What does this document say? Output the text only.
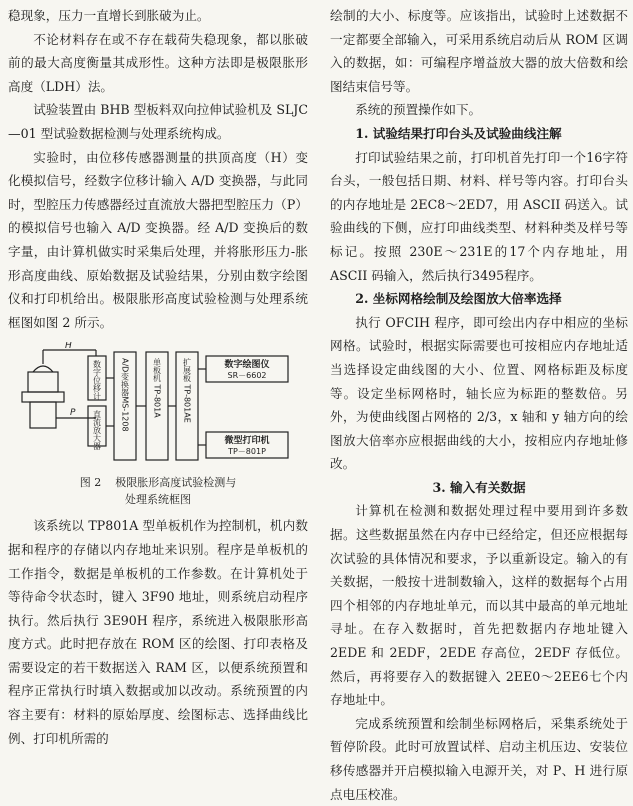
稳现象，压力一直增长到胀破为止。

不论材料存在或不存在载荷失稳现象，都以胀破前的最大高度衡量其成形性。这种方法即是极限胀形高度（LDH）法。

试验装置由 BHB 型板料双向拉伸试验机及 SLJC—01 型试验数据检测与处理系统构成。

实验时，由位移传感器测量的拱顶高度（H）变化模拟信号，经数字位移计输入 A/D 变换器，与此同时，型腔压力传感器经过直流放大器把型腔压力（P）的模拟信号也输入 A/D 变换器。经 A/D 变换后的数字量，由计算机做实时采集后处理，并将胀形压力-胀形高度曲线、原始数据及试验结果，分别由数字绘图仪和打印机给出。极限胀形高度试验检测与处理系统框图如图 2 所示。

H
P
数字位移计
直流放大器 A/D变换器MS-1208	单板机 TP-801A	扩展板 TP-801AE	数字绘图仪
SR－6602
微型打印机
TP－801P
图 2 极限胀形高度试验检测与
处理系统框图

该系统以 TP801A 型单板机作为控制机，机内数据和程序的存储以内存地址来识别。程序是单板机的工作指令，数据是单板机的工作参数。在计算机处于等待命令状态时，键入 3F90 地址，则系统启动程序执行。然后执行 3E90H 程序，系统进入极限胀形高度方式。此时把存放在 ROM 区的绘图、打印表格及需要设定的若干数据送入 RAM 区，以便系统预置和程序正常执行时填入数据或加以改动。系统预置的内容主要有：材料的原始厚度、绘图标志、选择曲线比例、打印机所需的

绘制的大小、标度等。应该指出，试验时上述数据不一定都要全部输入，可采用系统启动后从 ROM 区调入的数据，如：可编程序增益放大器的放大倍数和绘图结束信号等。

系统的预置操作如下。

1. 试验结果打印台头及试验曲线注解

打印试验结果之前，打印机首先打印一个16字符台头，一般包括日期、材料、样号等内容。打印台头的内存地址是 2EC8～2ED7，用 ASCII 码送入。试验曲线的下侧，应打印曲线类型、材料种类及样号等标记。按照 230E～231E的17个内存地址，用 ASCII 码输入，然后执行3495程序。

2. 坐标网格绘制及绘图放大倍率选择

执行 OFCIH 程序，即可绘出内存中相应的坐标网格。试验时，根据实际需要也可按相应内存地址适当选择设定曲线图的大小、位置、网格标距及标度等。设定坐标网格时，轴长应为标距的整数倍。另外，为使曲线图占网格的 2/3，x 轴和 y 轴方向的绘图放大倍率亦应根据曲线的大小，按相应内存地址修改。

3. 输入有关数据

计算机在检测和数据处理过程中要用到许多数据。这些数据虽然在内存中已经给定，但还应根据每次试验的具体情况和要求，予以重新设定。输入的有关数据，一般按十进制数输入，这样的数据每个占用四个相邻的内存地址单元，而以其中最高的单元地址寻址。在存入数据时，首先把数据内存地址键入 2EDE 和 2EDF，2EDE 存高位，2EDF 存低位。然后，再将要存入的数据键入 2EE0～2EE6七个内存地址中。

完成系统预置和绘制坐标网格后，采集系统处于暂停阶段。此时可放置试样、启动主机压边、安装位移传感器并开启模拟输入电源开关，对 P、H 进行原点电压校准。
